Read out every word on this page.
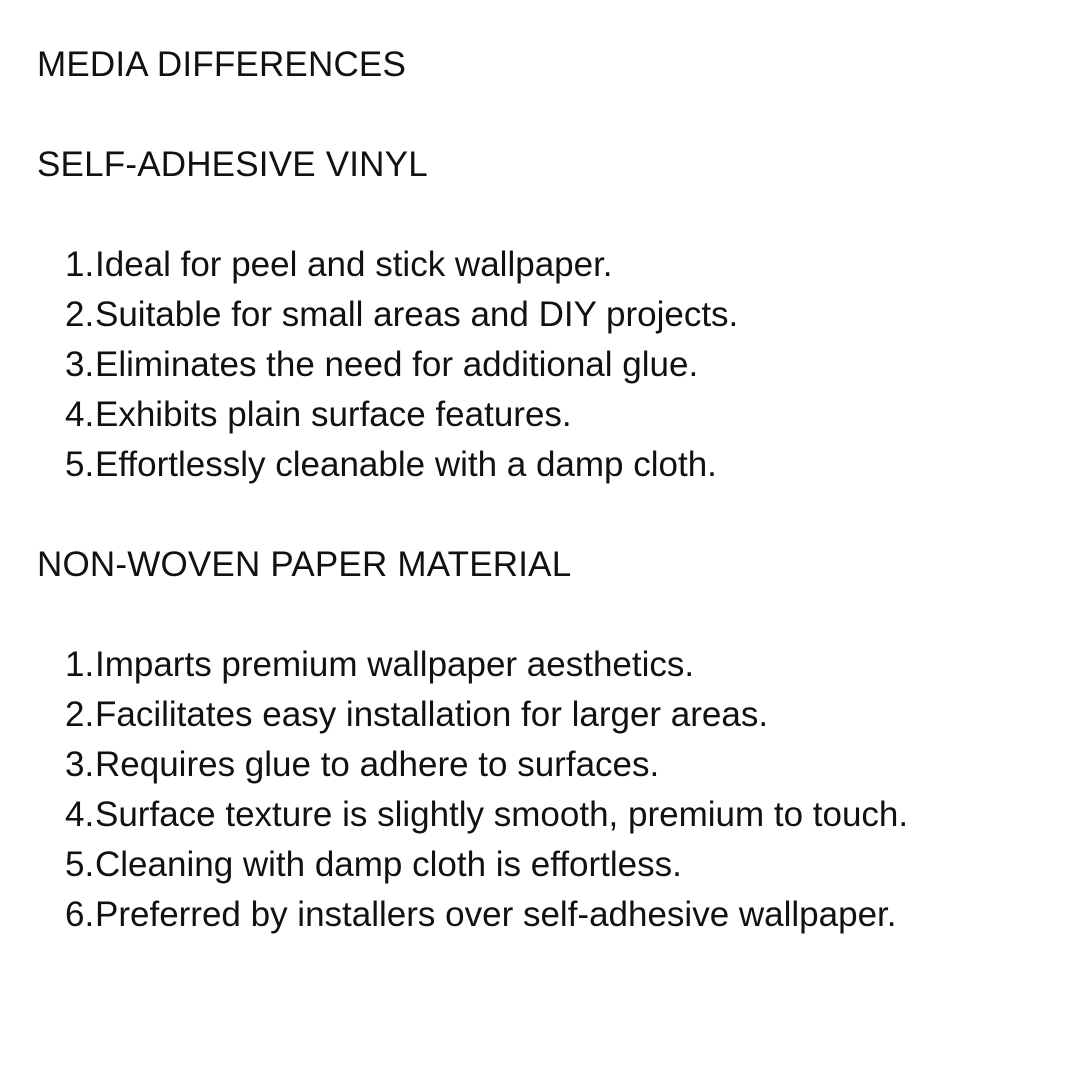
MEDIA DIFFERENCES
SELF-ADHESIVE VINYL
1.Ideal for peel and stick wallpaper.
2.Suitable for small areas and DIY projects.
3.Eliminates the need for additional glue.
4.Exhibits plain surface features.
5.Effortlessly cleanable with a damp cloth.
NON-WOVEN PAPER MATERIAL
1.Imparts premium wallpaper aesthetics.
2.Facilitates easy installation for larger areas.
3.Requires glue to adhere to surfaces.
4.Surface texture is slightly smooth, premium to touch.
5.Cleaning with damp cloth is effortless.
6.Preferred by installers over self-adhesive wallpaper.
